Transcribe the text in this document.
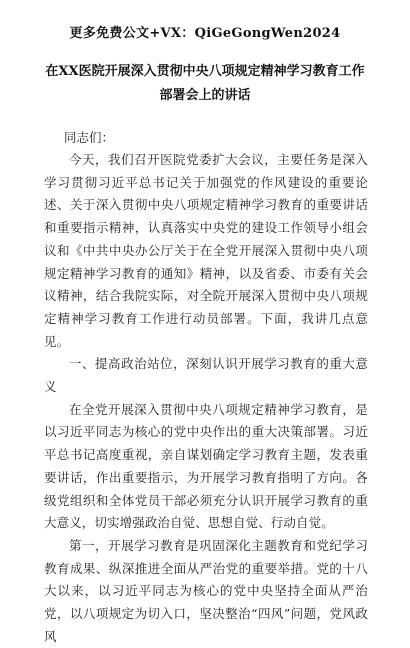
更多免费公文+VX：QiGeGongWen2024
在XX医院开展深入贯彻中央八项规定精神学习教育工作部署会上的讲话
同志们：

今天，我们召开医院党委扩大会议，主要任务是深入学习贯彻习近平总书记关于加强党的作风建设的重要论述、关于深入贯彻中央八项规定精神学习教育的重要讲话和重要指示精神，认真落实中央党的建设工作领导小组会议和《中共中央办公厅关于在全党开展深入贯彻中央八项规定精神学习教育的通知》精神，以及省委、市委有关会议精神，结合我院实际，对全院开展深入贯彻中央八项规定精神学习教育工作进行动员部署。下面，我讲几点意见。

一、提高政治站位，深刻认识开展学习教育的重大意义

在全党开展深入贯彻中央八项规定精神学习教育，是以习近平同志为核心的党中央作出的重大决策部署。习近平总书记高度重视，亲自谋划确定学习教育主题，发表重要讲话，作出重要指示，为开展学习教育指明了方向。各级党组织和全体党员干部必须充分认识开展学习教育的重大意义，切实增强政治自觉、思想自觉、行动自觉。

第一，开展学习教育是巩固深化主题教育和党纪学习教育成果、纵深推进全面从严治党的重要举措。党的十八大以来，以习近平同志为核心的党中央坚持全面从严治党，以八项规定为切入口，坚决整治“四风”问题，党风政风
